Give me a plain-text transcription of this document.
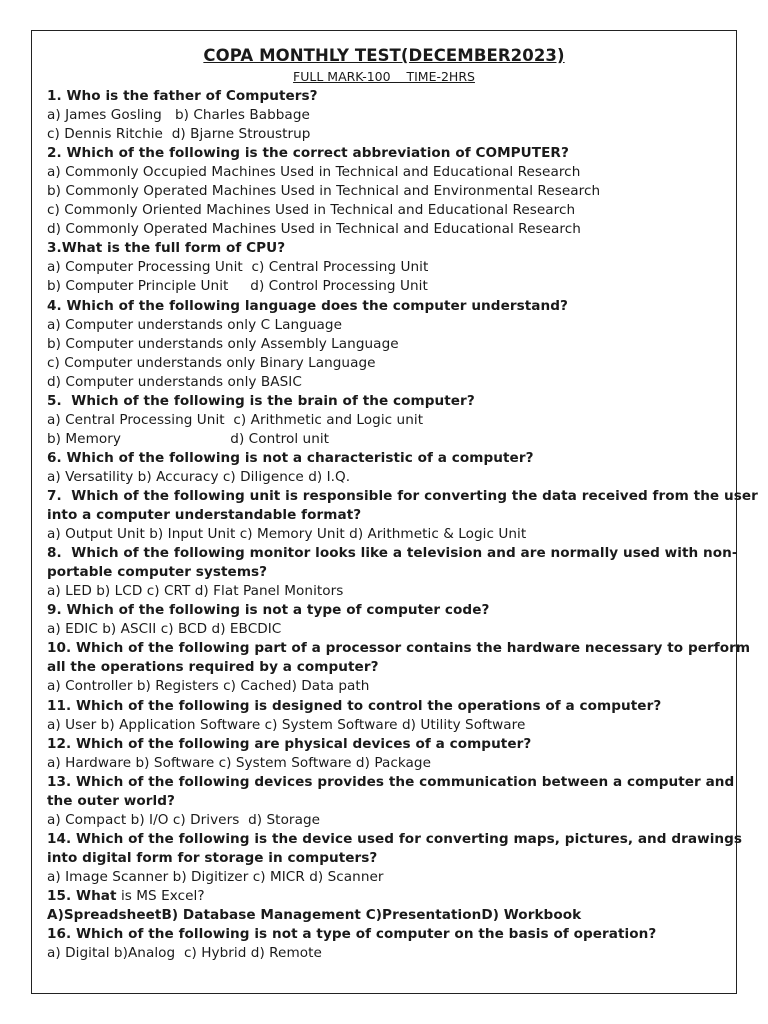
COPA MONTHLY TEST(DECEMBER2023)
FULL MARK-100    TIME-2HRS
1. Who is the father of Computers?
a) James Gosling   b) Charles Babbage
c) Dennis Ritchie  d) Bjarne Stroustrup
2. Which of the following is the correct abbreviation of COMPUTER?
a) Commonly Occupied Machines Used in Technical and Educational Research
b) Commonly Operated Machines Used in Technical and Environmental Research
c) Commonly Oriented Machines Used in Technical and Educational Research
d) Commonly Operated Machines Used in Technical and Educational Research
3.What is the full form of CPU?
a) Computer Processing Unit  c) Central Processing Unit
b) Computer Principle Unit     d) Control Processing Unit
4. Which of the following language does the computer understand?
a) Computer understands only C Language
b) Computer understands only Assembly Language
c) Computer understands only Binary Language
d) Computer understands only BASIC
5.  Which of the following is the brain of the computer?
a) Central Processing Unit  c) Arithmetic and Logic unit
b) Memory                         d) Control unit
6. Which of the following is not a characteristic of a computer?
a) Versatility b) Accuracy c) Diligence d) I.Q.
7.  Which of the following unit is responsible for converting the data received from the user
into a computer understandable format?
a) Output Unit b) Input Unit c) Memory Unit d) Arithmetic & Logic Unit
8.  Which of the following monitor looks like a television and are normally used with non-
portable computer systems?
a) LED b) LCD c) CRT d) Flat Panel Monitors
9. Which of the following is not a type of computer code?
a) EDIC b) ASCII c) BCD d) EBCDIC
10. Which of the following part of a processor contains the hardware necessary to perform
all the operations required by a computer?
a) Controller b) Registers c) Cached) Data path
11. Which of the following is designed to control the operations of a computer?
a) User b) Application Software c) System Software d) Utility Software
12. Which of the following are physical devices of a computer?
a) Hardware b) Software c) System Software d) Package
13. Which of the following devices provides the communication between a computer and
the outer world?
a) Compact b) I/O c) Drivers  d) Storage
14. Which of the following is the device used for converting maps, pictures, and drawings
into digital form for storage in computers?
a) Image Scanner b) Digitizer c) MICR d) Scanner
15. What is MS Excel?
A)SpreadsheetB) Database Management C)PresentationD) Workbook
16. Which of the following is not a type of computer on the basis of operation?
a) Digital b)Analog  c) Hybrid d) Remote
